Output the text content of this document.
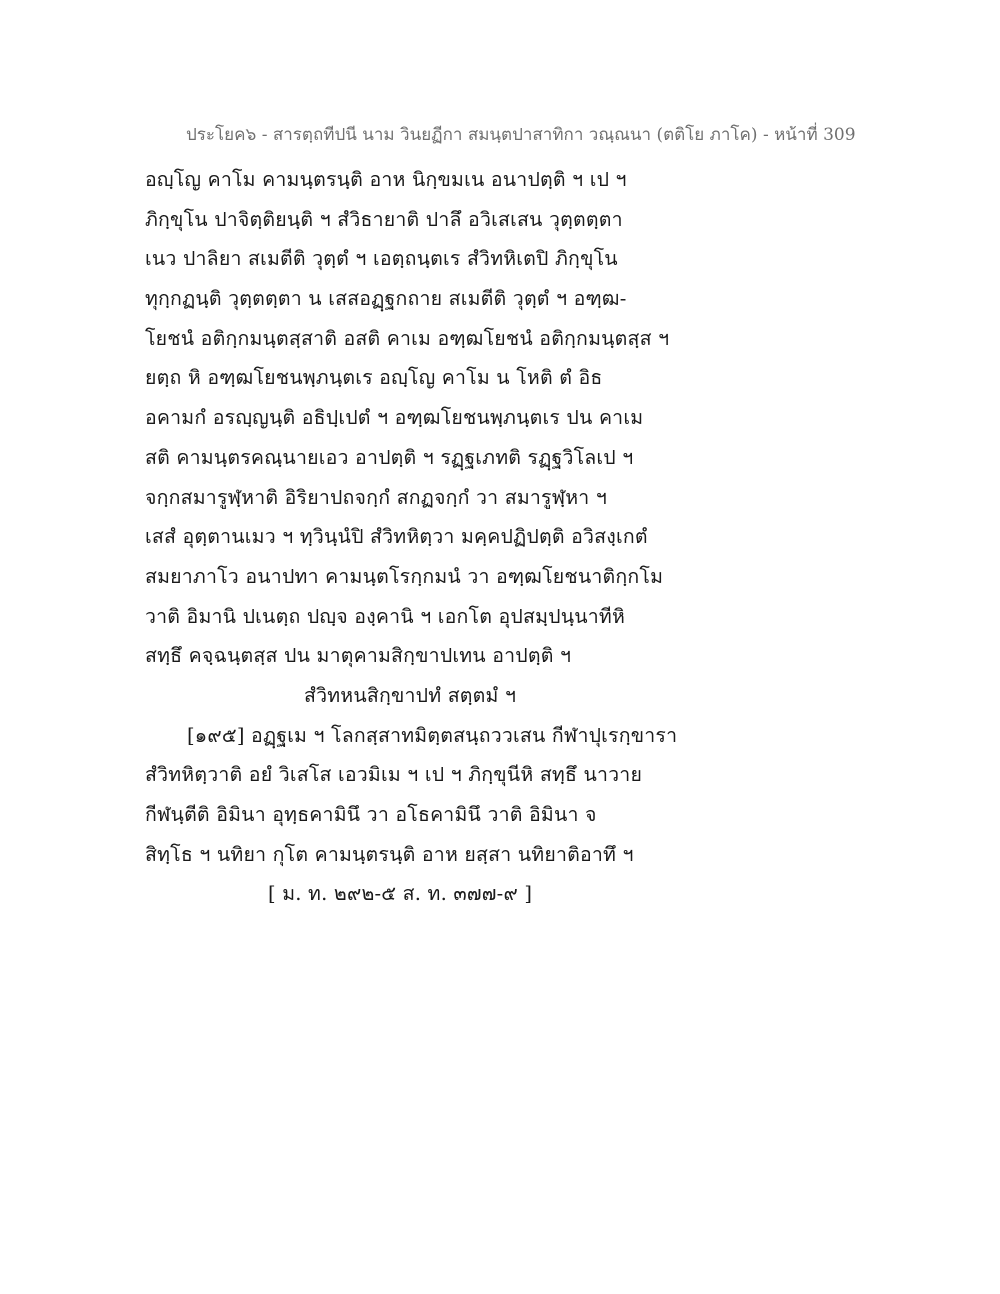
ประโยค๖ - สารตฺถทีปนี นาม วินยฏีกา สมนฺตปาสาทิกา วณฺณนา (ตติโย ภาโค) - หน้าที่ 309
อญฺโญ คาโม คามนฺตรนฺติ อาห นิกฺขมเน อนาปตฺติ ฯ เป ฯ
ภิกฺขุโน ปาจิตฺติยนฺติ ฯ สํวิธายาติ ปาลึ อวิเสเสน วุตฺตตฺตา
เนว ปาลิยา สเมตีติ วุตฺตํ ฯ เอตฺถนฺตเร สํวิทหิเตปิ ภิกฺขุโน
ทุกฺกฏนฺติ วุตฺตตฺตา น เสสอฏฺฐกถาย สเมตีติ วุตฺตํ ฯ อฑฺฒ-
โยชนํ อติกฺกมนฺตสฺสาติ อสติ คาเม อฑฺฒโยชนํ อติกฺกมนฺตสฺส ฯ
ยตฺถ หิ อฑฺฒโยชนพฺภนฺตเร อญฺโญ คาโม น โหติ ตํ อิธ
อคามกํ อรญฺญนฺติ อธิปฺเปตํ ฯ อฑฺฒโยชนพฺภนฺตเร ปน คาเม
สติ คามนฺตรคณฺนายเอว อาปตฺติ ฯ รฏฺฐเภทติ รฏฺฐวิโลเป ฯ
จกฺกสมารูฬฺหาติ อิริยาปถจกฺกํ สกฏจกฺกํ วา สมารูฬฺหา ฯ
เสสํ อุตฺตานเมว ฯ ทฺวินฺนํปิ สํวิทหิตฺวา มคฺคปฏิปตฺติ อวิสงฺเกตํ
สมยาภาโว อนาปทา คามนฺตโรกฺกมนํ วา อฑฺฒโยชนาติกฺกโม
วาติ อิมานิ ปเนตฺถ ปญฺจ องฺคานิ ฯ เอกโต อุปสมฺปนฺนาทีหิ
สทฺธึ คจฺฉนฺตสฺส ปน มาตุคามสิกฺขาปเทน อาปตฺติ ฯ
สํวิทหนสิกฺขาปทํ สตฺตมํ ฯ
[๑๙๕] อฏฺฐเม ฯ โลกสฺสาทมิตฺตสนฺถววเสน กีฬาปุเรกฺขารา
สํวิทหิตฺวาติ อยํ วิเสโส เอวมิเม ฯ เป ฯ ภิกฺขุนีหิ สทฺธึ นาวาย
กีฬนฺตีติ อิมินา อุทฺธคามินึ วา อโธคามินึ วาติ อิมินา จ
สิทฺโธ ฯ นทิยา กุโต คามนฺตรนฺติ อาห ยสฺสา นทิยาติอาทึ ฯ
[ ม. ท. ๒๙๒-๕ ส. ท. ๓๗๗-๙ ]
